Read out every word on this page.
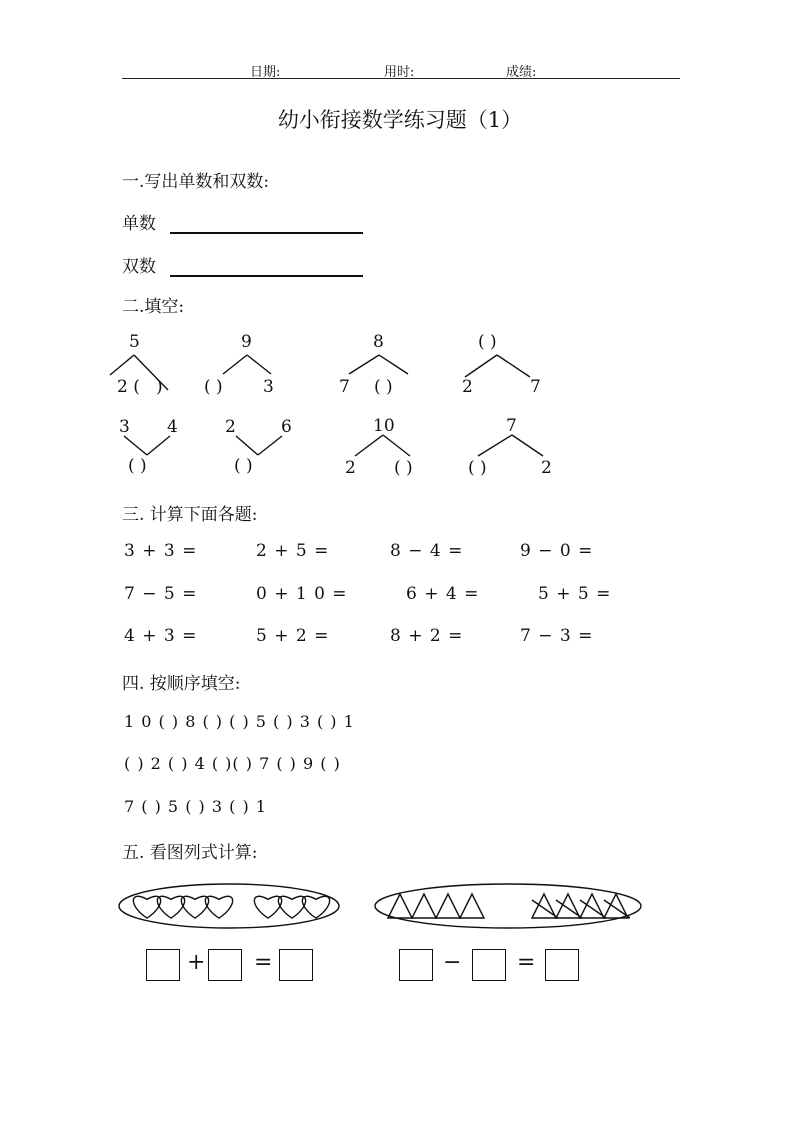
日期:	用时:	成绩:
幼小衔接数学练习题（1）
一.写出单数和双数:
单数
双数
二.填空:
5
2 ( )
9
( ) 3
8
7 ( )
( )
2	7
3 4
( )
2	6
( )
10
2 ( )
7
( )	2
三. 计算下面各题:
3 + 3 =	2 + 5 =	8 − 4 =	9 − 0 =
7 − 5 =	0 + 1 0 =	6 + 4 =	5 + 5 =
4 + 3 =	5 + 2 =	8 + 2 =	7 − 3 =
四. 按顺序填空:
1 0 ( ) 8 ( ) ( ) 5 ( ) 3 ( ) 1
( ) 2 ( ) 4 ( )( ) 7 ( ) 9 ( )
7 ( ) 5 ( ) 3 ( ) 1
五. 看图列式计算:
+ =	−	=
